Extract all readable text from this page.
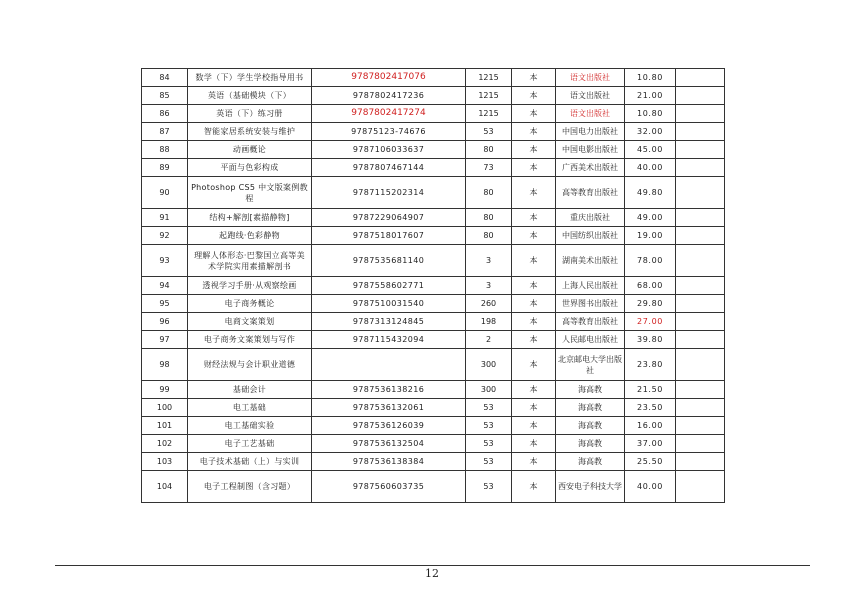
84	数学（下）学生学校指导用书	9787802417076	1215	本	语文出版社	10.80	
85	英语（基础模块（下）	9787802417236	1215	本	语文出版社	21.00	
86	英语（下）练习册	9787802417274	1215	本	语文出版社	10.80	
87	智能家居系统安装与维护	97875123-74676	53	本	中国电力出版社	32.00	
88	动画概论	9787106033637	80	本	中国电影出版社	45.00	
89	平面与色彩构成	9787807467144	73	本	广西美术出版社	40.00	
90	Photoshop CS5 中文版案例教程	9787115202314	80	本	高等教育出版社	49.80	
91	结构+解剖[素描静物]	9787229064907	80	本	重庆出版社	49.00	
92	起跑线·色彩静物	9787518017607	80	本	中国纺织出版社	19.00	
93	理解人体形态·巴黎国立高等美术学院实用素描解剖书	9787535681140	3	本	湖南美术出版社	78.00	
94	透视学习手册·从观察绘画	9787558602771	3	本	上海人民出版社	68.00	
95	电子商务概论	9787510031540	260	本	世界图书出版社	29.80	
96	电商文案策划	9787313124845	198	本	高等教育出版社	27.00	
97	电子商务文案策划与写作	9787115432094	2	本	人民邮电出版社	39.80	
98	财经法规与会计职业道德		300	本	北京邮电大学出版社	23.80	
99	基础会计	9787536138216	300	本	海高教	21.50	
100	电工基础	9787536132061	53	本	海高教	23.50	
101	电工基础实验	9787536126039	53	本	海高教	16.00	
102	电子工艺基础	9787536132504	53	本	海高教	37.00	
103	电子技术基础（上）与实训	9787536138384	53	本	海高教	25.50	
104	电子工程制图（含习题）	9787560603735	53	本	西安电子科技大学	40.00	
12
